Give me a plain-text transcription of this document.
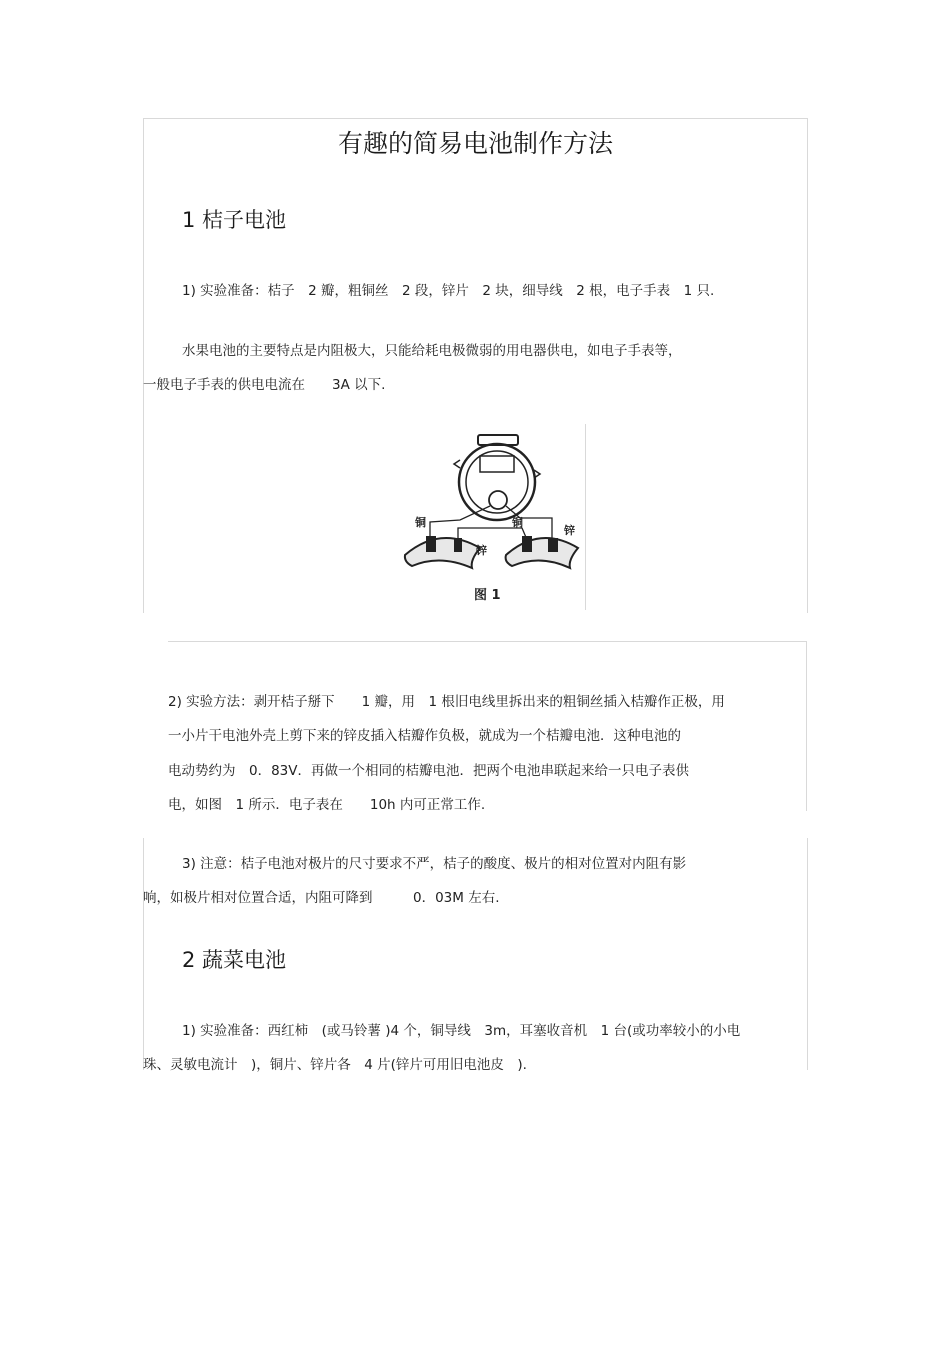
有趣的简易电池制作方法
1 桔子电池
1) 实验准备：桔子　2 瓣，粗铜丝　2 段，锌片　2 块，细导线　2 根，电子手表　1 只.
水果电池的主要特点是内阻极大，只能给耗电极微弱的用电器供电，如电子手表等，
一般电子手表的供电电流在　　3A 以下.
铜	铜
锌
锌
图 1
2) 实验方法：剥开桔子掰下　　1 瓣，用　1 根旧电线里拆出来的粗铜丝插入桔瓣作正极，用
一小片干电池外壳上剪下来的锌皮插入桔瓣作负极，就成为一个桔瓣电池．这种电池的
电动势约为　0．83V．再做一个相同的桔瓣电池．把两个电池串联起来给一只电子表供
电，如图　1 所示．电子表在　　10h 内可正常工作.
3) 注意：桔子电池对极片的尺寸要求不严，桔子的酸度、极片的相对位置对内阻有影
响，如极片相对位置合适，内阻可降到　　　0．03M 左右.
2 蔬菜电池
1) 实验准备：西红柿　(或马铃薯 )4 个，铜导线　3m，耳塞收音机　1 台(或功率较小的小电
珠、灵敏电流计　)，铜片、锌片各　4 片(锌片可用旧电池皮　).
